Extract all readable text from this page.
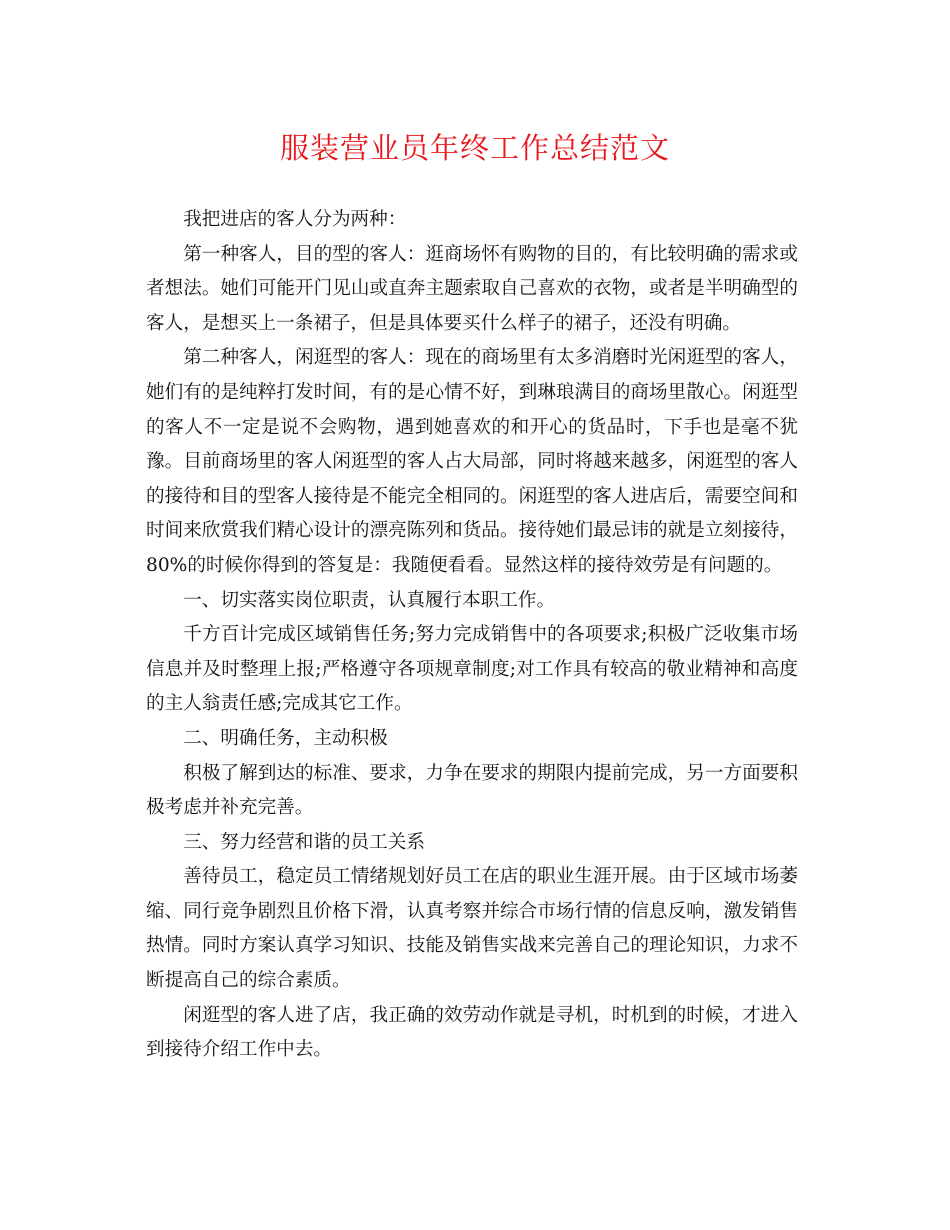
服装营业员年终工作总结范文

我把进店的客人分为两种：

第一种客人，目的型的客人：逛商场怀有购物的目的，有比较明确的需求或者想法。她们可能开门见山或直奔主题索取自己喜欢的衣物，或者是半明确型的客人，是想买上一条裙子，但是具体要买什么样子的裙子，还没有明确。

第二种客人，闲逛型的客人：现在的商场里有太多消磨时光闲逛型的客人，她们有的是纯粹打发时间，有的是心情不好，到琳琅满目的商场里散心。闲逛型的客人不一定是说不会购物，遇到她喜欢的和开心的货品时，下手也是毫不犹豫。目前商场里的客人闲逛型的客人占大局部，同时将越来越多，闲逛型的客人的接待和目的型客人接待是不能完全相同的。闲逛型的客人进店后，需要空间和时间来欣赏我们精心设计的漂亮陈列和货品。接待她们最忌讳的就是立刻接待，80%的时候你得到的答复是：我随便看看。显然这样的接待效劳是有问题的。

一、切实落实岗位职责，认真履行本职工作。

千方百计完成区域销售任务;努力完成销售中的各项要求;积极广泛收集市场信息并及时整理上报;严格遵守各项规章制度;对工作具有较高的敬业精神和高度的主人翁责任感;完成其它工作。

二、明确任务，主动积极

积极了解到达的标准、要求，力争在要求的期限内提前完成，另一方面要积极考虑并补充完善。

三、努力经营和谐的员工关系

善待员工，稳定员工情绪规划好员工在店的职业生涯开展。由于区域市场萎缩、同行竞争剧烈且价格下滑，认真考察并综合市场行情的信息反响，激发销售热情。同时方案认真学习知识、技能及销售实战来完善自己的理论知识，力求不断提高自己的综合素质。

闲逛型的客人进了店，我正确的效劳动作就是寻机，时机到的时候，才进入到接待介绍工作中去。
